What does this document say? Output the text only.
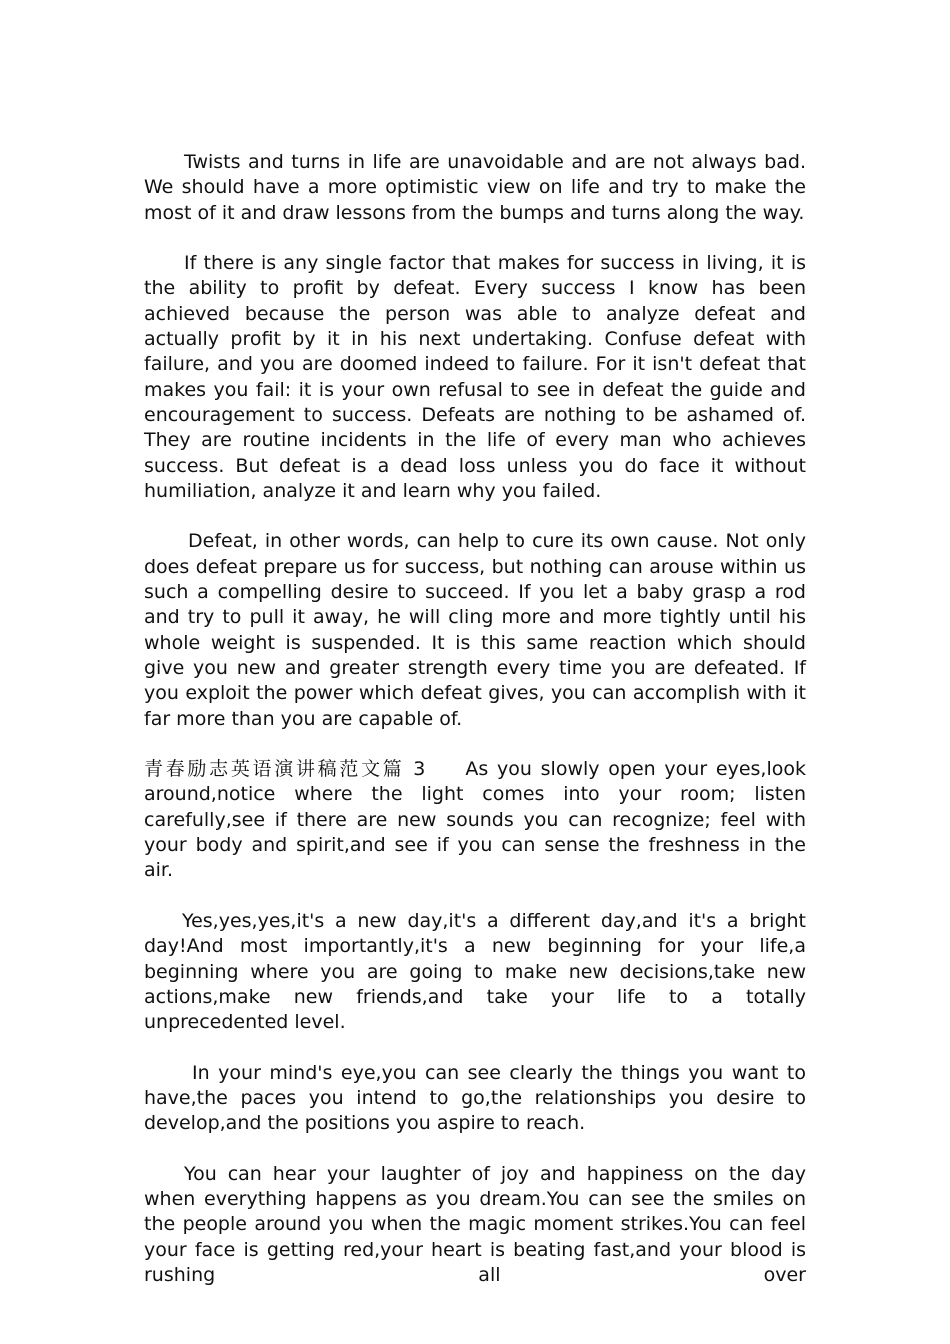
Twists and turns in life are unavoidable and are not always bad. We should have a more optimistic view on life and try to make the most of it and draw lessons from the bumps and turns along the way.

If there is any single factor that makes for success in living, it is the ability to profit by defeat. Every success I know has been achieved because the person was able to analyze defeat and actually profit by it in his next undertaking. Confuse defeat with failure, and you are doomed indeed to failure. For it isn't defeat that makes you fail: it is your own refusal to see in defeat the guide and encouragement to success. Defeats are nothing to be ashamed of. They are routine incidents in the life of every man who achieves success. But defeat is a dead loss unless you do face it without humiliation, analyze it and learn why you failed.

Defeat, in other words, can help to cure its own cause. Not only does defeat prepare us for success, but nothing can arouse within us such a compelling desire to succeed. If you let a baby grasp a rod and try to pull it away, he will cling more and more tightly until his whole weight is suspended. It is this same reaction which should give you new and greater strength every time you are defeated. If you exploit the power which defeat gives, you can accomplish with it far more than you are capable of.

青春励志英语演讲稿范文篇 3 As you slowly open your eyes,look around,notice where the light comes into your room; listen carefully,see if there are new sounds you can recognize; feel with your body and spirit,and see if you can sense the freshness in the air.

Yes,yes,yes,it's a new day,it's a different day,and it's a bright day!And most importantly,it's a new beginning for your life,a beginning where you are going to make new decisions,take new actions,make new friends,and take your life to a totally unprecedented level.

In your mind's eye,you can see clearly the things you want to have,the paces you intend to go,the relationships you desire to develop,and the positions you aspire to reach.

You can hear your laughter of joy and happiness on the day when everything happens as you dream.You can see the smiles on the people around you when the magic moment strikes.You can feel your face is getting red,your heart is beating fast,and your blood is rushing all over
